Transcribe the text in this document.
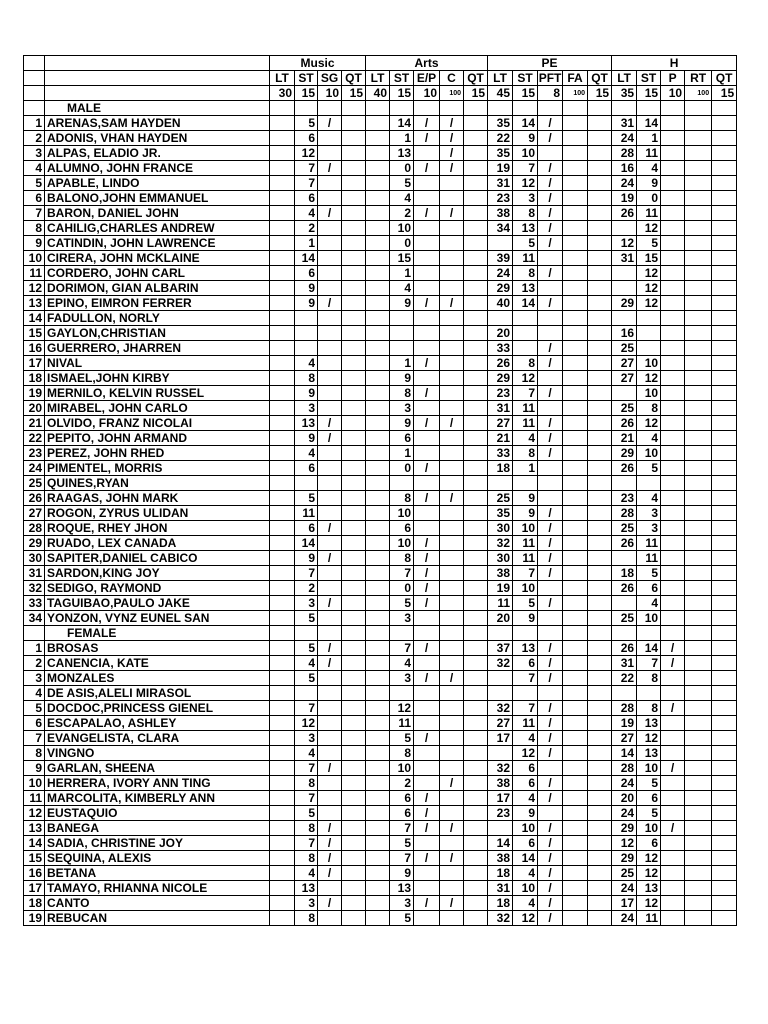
		Music				Arts					PE					H				
		LT	ST	SG	QT	LT	ST	E/P	C	QT	LT	ST	PFT	FA	QT	LT	ST	P	RT	QT
		30	15	10	15	40	15	10	100	15	45	15	8	100	15	35	15	10	100	15
	MALE																			
1	ARENAS,SAM HAYDEN		5	/			14	/	/		35	14	/			31	14			
2	ADONIS, VHAN HAYDEN		6				1	/	/		22	9	/			24	1			
3	ALPAS, ELADIO JR.		12				13		/		35	10				28	11			
4	ALUMNO, JOHN FRANCE		7	/			0	/	/		19	7	/			16	4			
5	APABLE, LINDO		7				5				31	12	/			24	9			
6	BALONO,JOHN EMMANUEL		6				4				23	3	/			19	0			
7	BARON, DANIEL JOHN		4	/			2	/	/		38	8	/			26	11			
8	CAHILIG,CHARLES ANDREW		2				10				34	13	/				12			
9	CATINDIN, JOHN LAWRENCE		1				0					5	/			12	5			
10	CIRERA, JOHN MCKLAINE		14				15				39	11				31	15			
11	CORDERO, JOHN CARL		6				1				24	8	/				12			
12	DORIMON, GIAN ALBARIN		9				4				29	13					12			
13	EPINO, EIMRON FERRER		9	/			9	/	/		40	14	/			29	12			
14	FADULLON, NORLY																			
15	GAYLON,CHRISTIAN										20					16				
16	GUERRERO, JHARREN										33		/			25				
17	NIVAL		4				1	/			26	8	/			27	10			
18	ISMAEL,JOHN KIRBY		8				9				29	12				27	12			
19	MERNILO, KELVIN RUSSEL		9				8	/			23	7	/				10			
20	MIRABEL, JOHN CARLO		3				3				31	11				25	8			
21	OLVIDO, FRANZ NICOLAI		13	/			9	/	/		27	11	/			26	12			
22	PEPITO, JOHN ARMAND		9	/			6				21	4	/			21	4			
23	PEREZ, JOHN RHED		4				1				33	8	/			29	10			
24	PIMENTEL, MORRIS		6				0	/			18	1				26	5			
25	QUINES,RYAN																			
26	RAAGAS, JOHN MARK		5				8	/	/		25	9				23	4			
27	ROGON, ZYRUS ULIDAN		11				10				35	9	/			28	3			
28	ROQUE, RHEY JHON		6	/			6				30	10	/			25	3			
29	RUADO, LEX CANADA		14				10	/			32	11	/			26	11			
30	SAPITER,DANIEL CABICO		9	/			8	/			30	11	/				11			
31	SARDON,KING JOY		7				7	/			38	7	/			18	5			
32	SEDIGO, RAYMOND		2				0	/			19	10				26	6			
33	TAGUIBAO,PAULO JAKE		3	/			5	/			11	5	/				4			
34	YONZON, VYNZ EUNEL SAN		5				3				20	9				25	10			
	FEMALE																			
1	BROSAS		5	/			7	/			37	13	/			26	14	/		
2	CANENCIA, KATE		4	/			4				32	6	/			31	7	/		
3	MONZALES		5				3	/	/			7	/			22	8			
4	DE ASIS,ALELI MIRASOL																			
5	DOCDOC,PRINCESS GIENEL		7				12				32	7	/			28	8	/		
6	ESCAPALAO, ASHLEY		12				11				27	11	/			19	13			
7	EVANGELISTA, CLARA		3				5	/			17	4	/			27	12			
8	VINGNO		4				8					12	/			14	13			
9	GARLAN, SHEENA		7	/			10				32	6				28	10	/		
10	HERRERA, IVORY ANN TING		8				2		/		38	6	/			24	5			
11	MARCOLITA, KIMBERLY ANN		7				6	/			17	4	/			20	6			
12	EUSTAQUIO		5				6	/			23	9				24	5			
13	BANEGA		8	/			7	/	/			10	/			29	10	/		
14	SADIA, CHRISTINE JOY		7	/			5				14	6	/			12	6			
15	SEQUINA, ALEXIS		8	/			7	/	/		38	14	/			29	12			
16	BETANA		4	/			9				18	4	/			25	12			
17	TAMAYO, RHIANNA NICOLE		13				13				31	10	/			24	13			
18	CANTO		3	/			3	/	/		18	4	/			17	12			
19	REBUCAN		8				5				32	12	/			24	11			
